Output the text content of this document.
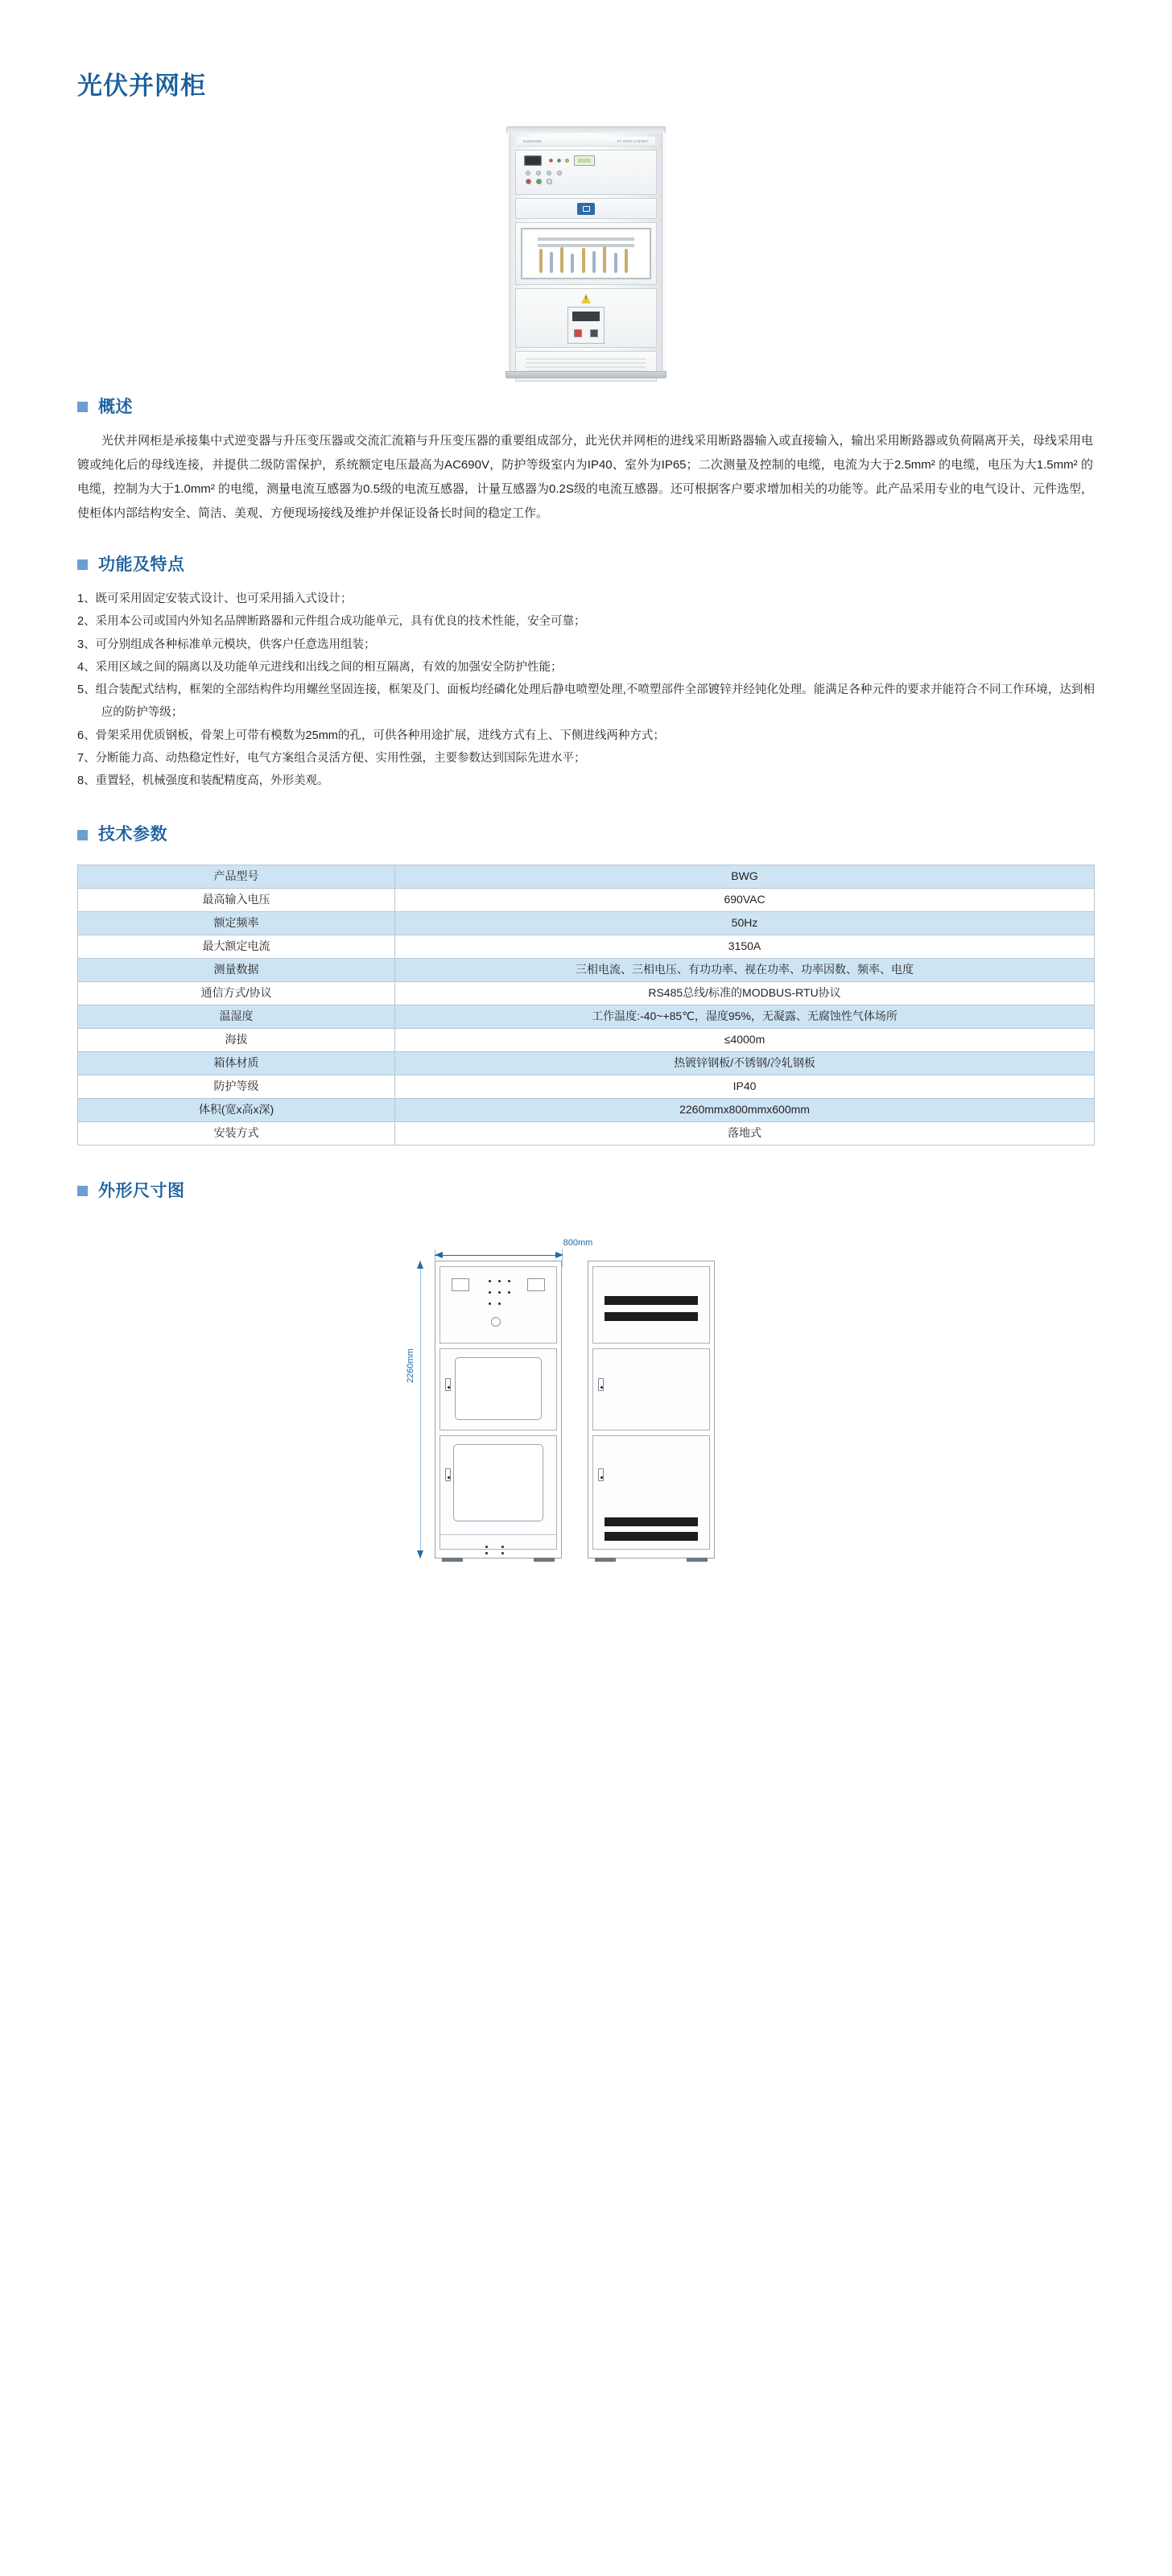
光伏并网柜
SUNSHINE	PV GRID CABINET
!
概述

光伏并网柜是承接集中式逆变器与升压变压器或交流汇流箱与升压变压器的重要组成部分，此光伏并网柜的进线采用断路器输入或直接输入，输出采用断路器或负荷隔离开关，母线采用电镀或纯化后的母线连接，并提供二级防雷保护，系统额定电压最高为AC690V，防护等级室内为IP40、室外为IP65；二次测量及控制的电缆，电流为大于2.5mm² 的电缆，电压为大1.5mm² 的电缆，控制为大于1.0mm² 的电缆，测量电流互感器为0.5级的电流互感器，计量互感器为0.2S级的电流互感器。还可根据客户要求增加相关的功能等。此产品采用专业的电气设计、元件选型，使柜体内部结构安全、简洁、美观、方便现场接线及维护并保证设备长时间的稳定工作。

功能及特点
1、既可采用固定安装式设计、也可采用插入式设计；
2、采用本公司或国内外知名品牌断路器和元件组合成功能单元，具有优良的技术性能，安全可靠；
3、可分别组成各种标准单元模块，供客户任意选用组装；
4、采用区域之间的隔离以及功能单元进线和出线之间的相互隔离，有效的加强安全防护性能；
5、组合装配式结构，框架的全部结构件均用螺丝坚固连接，框架及门、面板均经磷化处理后静电喷塑处理,不喷塑部件全部镀锌并经钝化处理。能满足各种元件的要求并能符合不同工作环境，达到相应的防护等级；
6、骨架采用优质钢板，骨架上可带有模数为25mm的孔，可供各种用途扩展，进线方式有上、下侧进线两种方式；
7、分断能力高、动热稳定性好，电气方案组合灵活方便、实用性强，主要参数达到国际先进水平；
8、重置轻，机械强度和装配精度高，外形美观。
技术参数
产品型号	BWG
最高输入电压	690VAC
额定频率	50Hz
最大额定电流	3150A
测量数据	三相电流、三相电压、有功功率、视在功率、功率因数、频率、电度
通信方式/协议	RS485总线/标准的MODBUS-RTU协议
温湿度	工作温度:-40~+85℃，湿度95%，无凝露、无腐蚀性气体场所
海拔	≤4000m
箱体材质	热镀锌钢板/不锈钢/冷轧钢板
防护等级	IP40
体积(宽x高x深)	2260mmx800mmx600mm
安装方式	落地式
外形尺寸图
800mm
2260mm
